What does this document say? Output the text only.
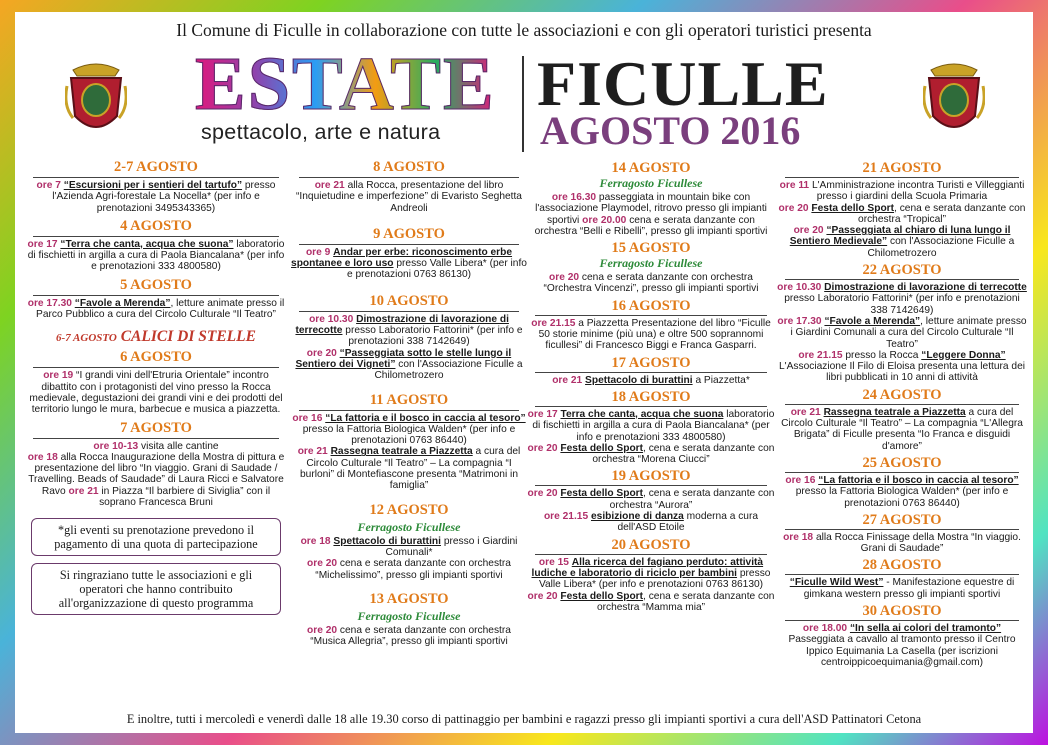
Il Comune di Ficulle in collaborazione con tutte le associazioni e con gli operatori turistici presenta
ESTATE
spettacolo, arte e natura
FICULLE
AGOSTO 2016
2-7 AGOSTO
ore 7 “Escursioni per i sentieri del tartufo” presso l'Azienda Agri-forestale La Nocella* (per info e prenotazioni 3495343365)
4 AGOSTO
ore 17 “Terra che canta, acqua che suona” laboratorio di fischietti in argilla a cura di Paola Biancalana* (per info e prenotazioni 333 4800580)
5 AGOSTO
ore 17.30 “Favole a Merenda”, letture animate presso il Parco Pubblico a cura del Circolo Culturale “Il Teatro”
6-7 AGOSTO CALICI DI STELLE
6 AGOSTO
ore 19 “I grandi vini dell'Etruria Orientale” incontro dibattito con i protagonisti del vino presso la Rocca medievale, degustazioni dei grandi vini e dei prodotti del territorio lungo le mura, barbecue e musica a piazzetta.
7 AGOSTO
ore 10-13 visita alle cantine
ore 18 alla Rocca Inaugurazione della Mostra di pittura e presentazione del libro “In viaggio. Grani di Saudade / Travelling. Beads of Saudade” di Laura Ricci e Salvatore Ravo ore 21 in Piazza “Il barbiere di Siviglia” con il soprano Francesca Bruni
*gli eventi su prenotazione prevedono il pagamento di una quota di partecipazione
Si ringraziano tutte le associazioni e gli operatori che hanno contribuito all'organizzazione di questo programma
8 AGOSTO
ore 21 alla Rocca, presentazione del libro “Inquietudine e imperfezione” di Evaristo Seghetta Andreoli
9 AGOSTO
ore 9 Andar per erbe: riconoscimento erbe spontanee e loro uso presso Valle Libera* (per info e prenotazioni 0763 86130)
10 AGOSTO
ore 10.30 Dimostrazione di lavorazione di terrecotte presso Laboratorio Fattorini* (per info e prenotazioni 338 7142649)
ore 20 “Passeggiata sotto le stelle lungo il Sentiero dei Vigneti” con l'Associazione Ficulle a Chilometrozero
11 AGOSTO
ore 16 “La fattoria e il bosco in caccia al tesoro” presso la Fattoria Biologica Walden* (per info e prenotazioni 0763 86440)
ore 21 Rassegna teatrale a Piazzetta a cura del Circolo Culturale “Il Teatro” – La compagnia “I burloni” di Montefiascone presenta “Matrimoni in famiglia”
12 AGOSTO
Ferragosto Ficullese
ore 18 Spettacolo di burattini presso i Giardini Comunali*
ore 20 cena e serata danzante con orchestra “Michelissimo”, presso gli impianti sportivi
13 AGOSTO
Ferragosto Ficullese
ore 20 cena e serata danzante con orchestra “Musica Allegria”, presso gli impianti sportivi
14 AGOSTO
Ferragosto Ficullese
ore 16.30 passeggiata in mountain bike con l'associazione Playmodel, ritrovo presso gli impianti sportivi ore 20.00 cena e serata danzante con orchestra “Belli e Ribelli”, presso gli impianti sportivi
15 AGOSTO
Ferragosto Ficullese
ore 20 cena e serata danzante con orchestra “Orchestra Vincenzi”, presso gli impianti sportivi
16 AGOSTO
ore 21.15 a Piazzetta Presentazione del libro “Ficulle 50 storie minime (più una) e oltre 500 soprannomi ficullesi” di Francesco Biggi e Franca Gasparri.
17 AGOSTO
ore 21 Spettacolo di burattini a Piazzetta*
18 AGOSTO
ore 17 Terra che canta, acqua che suona laboratorio di fischietti in argilla a cura di Paola Biancalana* (per info e prenotazioni 333 4800580)
ore 20 Festa dello Sport, cena e serata danzante con orchestra “Morena Ciucci”
19 AGOSTO
ore 20 Festa dello Sport, cena e serata danzante con orchestra “Aurora”
ore 21.15 esibizione di danza moderna a cura dell'ASD Etoile
20 AGOSTO
ore 15 Alla ricerca del fagiano perduto: attività ludiche e laboratorio di riciclo per bambini presso Valle Libera* (per info e prenotazioni 0763 86130)
ore 20 Festa dello Sport, cena e serata danzante con orchestra “Mamma mia”
21 AGOSTO
ore 11 L'Amministrazione incontra Turisti e Villeggianti presso i giardini della Scuola Primaria
ore 20 Festa dello Sport, cena e serata danzante con orchestra “Tropical”
ore 20 “Passeggiata al chiaro di luna lungo il Sentiero Medievale” con l'Associazione Ficulle a Chilometrozero
22 AGOSTO
ore 10.30 Dimostrazione di lavorazione di terrecotte presso Laboratorio Fattorini* (per info e prenotazioni 338 7142649)
ore 17.30 “Favole a Merenda”, letture animate presso i Giardini Comunali a cura del Circolo Culturale “Il Teatro”
ore 21.15 presso la Rocca “Leggere Donna” L'Associazione Il Filo di Eloisa presenta una lettura dei libri pubblicati in 10 anni di attività
24 AGOSTO
ore 21 Rassegna teatrale a Piazzetta a cura del Circolo Culturale “Il Teatro” – La compagnia “L'Allegra Brigata” di Ficulle presenta “Io Franca e disguidi d'amore”
25 AGOSTO
ore 16 “La fattoria e il bosco in caccia al tesoro” presso la Fattoria Biologica Walden* (per info e prenotazioni 0763 86440)
27 AGOSTO
ore 18 alla Rocca Finissage della Mostra “In viaggio. Grani di Saudade”
28 AGOSTO
“Ficulle Wild West” - Manifestazione equestre di gimkana western presso gli impianti sportivi
30 AGOSTO
ore 18.00 “In sella ai colori del tramonto” Passeggiata a cavallo al tramonto presso il Centro Ippico Equimania La Casella (per iscrizioni centroippicoequimania@gmail.com)
E inoltre, tutti i mercoledì e venerdì dalle 18 alle 19.30 corso di pattinaggio per bambini e ragazzi presso gli impianti sportivi a cura dell'ASD Pattinatori Cetona
